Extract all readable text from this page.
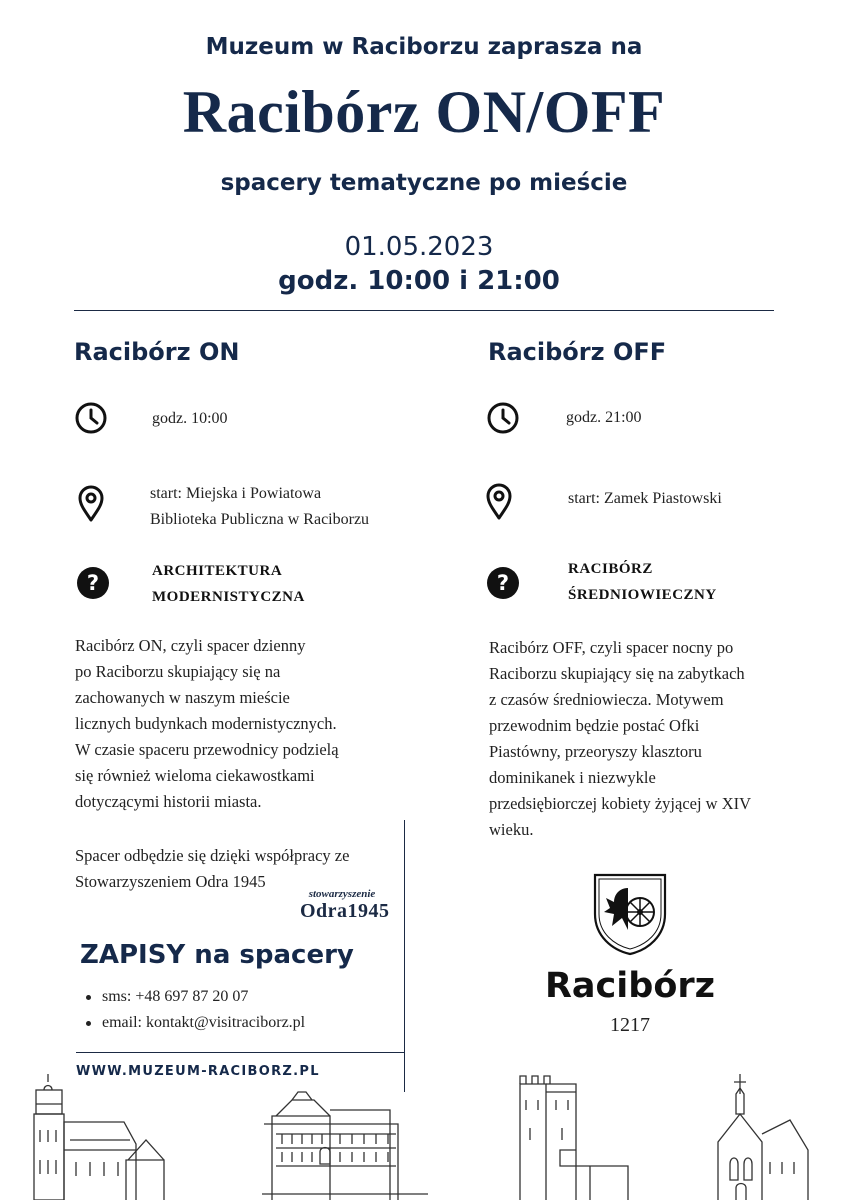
Muzeum w Raciborzu zaprasza na
Racibórz ON/OFF
spacery tematyczne po mieście
01.05.2023
godz. 10:00 i 21:00
Racibórz ON
godz. 10:00
start: Miejska i Powiatowa
Biblioteka Publiczna w Raciborzu
?	ARCHITEKTURA
MODERNISTYCZNA
Racibórz ON, czyli spacer dzienny
po Raciborzu skupiający się na
zachowanych w naszym mieście
licznych budynkach modernistycznych.
W czasie spaceru przewodnicy podzielą
się również wieloma ciekawostkami
dotyczącymi historii miasta.
Spacer odbędzie się dzięki współpracy ze
Stowarzyszeniem Odra 1945
stowarzyszenie
Odra1945
ZAPISY na spacery
sms: +48 697 87 20 07
email: kontakt@visitraciborz.pl
WWW.MUZEUM-RACIBORZ.PL
Racibórz OFF
godz. 21:00
start: Zamek Piastowski
?
RACIBÓRZ
ŚREDNIOWIECZNY
Racibórz OFF, czyli spacer nocny po
Raciborzu skupiający się na zabytkach
z czasów średniowiecza. Motywem
przewodnim będzie postać Ofki
Piastówny, przeoryszy klasztoru
dominikanek i niezwykle
przedsiębiorczej kobiety żyjącej w XIV
wieku.
Racibórz
1217
